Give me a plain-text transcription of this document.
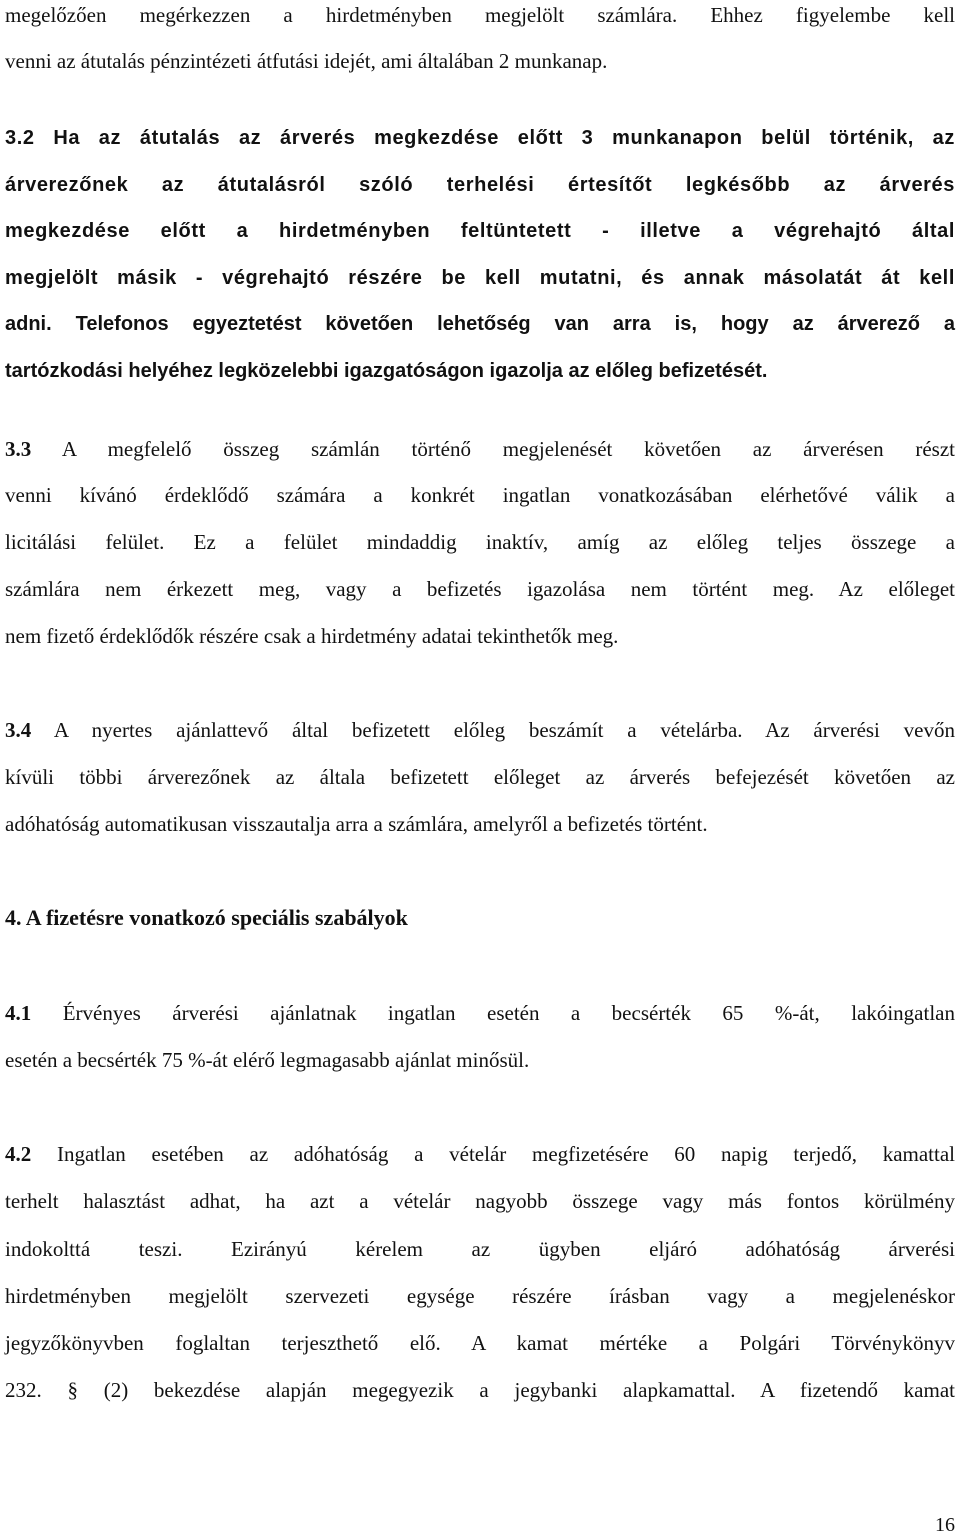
megelőzően megérkezzen a hirdetményben megjelölt számlára. Ehhez figyelembe kell
venni az átutalás pénzintézeti átfutási idejét, ami általában 2 munkanap.
3.2 Ha az átutalás az árverés megkezdése előtt 3 munkanapon belül történik, az
árverezőnek az átutalásról szóló terhelési értesítőt legkésőbb az árverés
megkezdése előtt a hirdetményben feltüntetett - illetve a végrehajtó által
megjelölt másik - végrehajtó részére be kell mutatni, és annak másolatát át kell
adni. Telefonos egyeztetést követően lehetőség van arra is, hogy az árverező a
tartózkodási helyéhez legközelebbi igazgatóságon igazolja az előleg befizetését.
3.3 A megfelelő összeg számlán történő megjelenését követően az árverésen részt
venni kívánó érdeklődő számára a konkrét ingatlan vonatkozásában elérhetővé válik a
licitálási felület. Ez a felület mindaddig inaktív, amíg az előleg teljes összege a
számlára nem érkezett meg, vagy a befizetés igazolása nem történt meg. Az előleget
nem fizető érdeklődők részére csak a hirdetmény adatai tekinthetők meg.
3.4 A nyertes ajánlattevő által befizetett előleg beszámít a vételárba. Az árverési vevőn
kívüli többi árverezőnek az általa befizetett előleget az árverés befejezését követően az
adóhatóság automatikusan visszautalja arra a számlára, amelyről a befizetés történt.
4. A fizetésre vonatkozó speciális szabályok
4.1 Érvényes árverési ajánlatnak ingatlan esetén a becsérték 65 %-át, lakóingatlan
esetén a becsérték 75 %-át elérő legmagasabb ajánlat minősül.
4.2 Ingatlan esetében az adóhatóság a vételár megfizetésére 60 napig terjedő, kamattal
terhelt halasztást adhat, ha azt a vételár nagyobb összege vagy más fontos körülmény
indokolttá teszi. Ezirányú kérelem az ügyben eljáró adóhatóság árverési
hirdetményben megjelölt szervezeti egysége részére írásban vagy a megjelenéskor
jegyzőkönyvben foglaltan terjeszthető elő. A kamat mértéke a Polgári Törvénykönyv
232. § (2) bekezdése alapján megegyezik a jegybanki alapkamattal. A fizetendő kamat
16
